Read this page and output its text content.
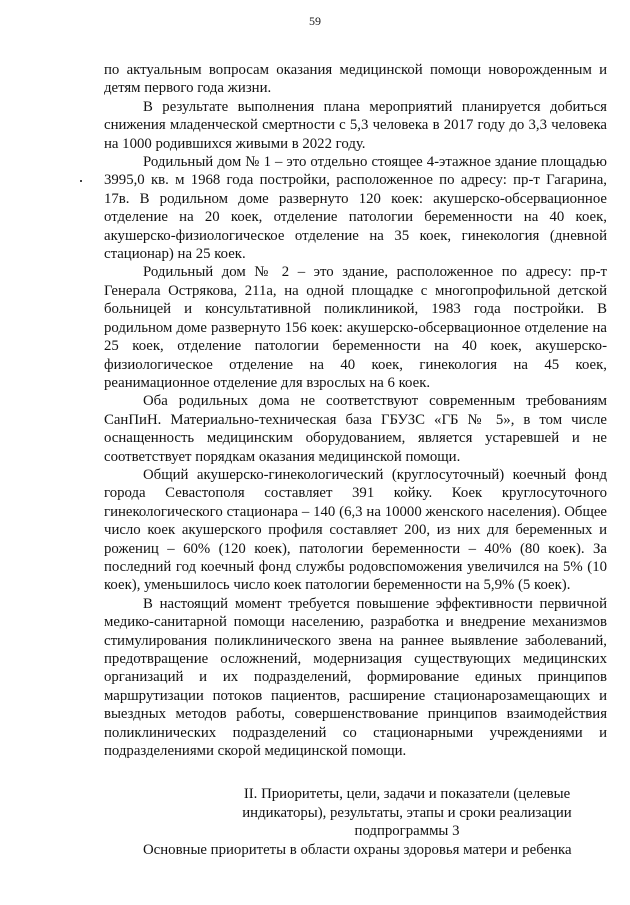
59

по актуальным вопросам оказания медицинской помощи новорожденным и детям первого года жизни.

В результате выполнения плана мероприятий планируется добиться снижения младенческой смертности с 5,3 человека в 2017 году до 3,3 человека на 1000 родившихся живыми в 2022 году.

Родильный дом № 1 – это отдельно стоящее 4-этажное здание площадью 3995,0 кв. м 1968 года постройки, расположенное по адресу: пр-т Гагарина, 17в. В родильном доме развернуто 120 коек: акушерско-обсервационное отделение на 20 коек, отделение патологии беременности на 40 коек, акушерско-физиологическое отделение на 35 коек, гинекология (дневной стационар) на 25 коек.

Родильный дом № 2 – это здание, расположенное по адресу: пр-т Генерала Острякова, 211а, на одной площадке с многопрофильной детской больницей и консультативной поликлиникой, 1983 года постройки. В родильном доме развернуто 156 коек: акушерско-обсервационное отделение на 25 коек, отделение патологии беременности на 40 коек, акушерско-физиологическое отделение на 40 коек, гинекология на 45 коек, реанимационное отделение для взрослых на 6 коек.

Оба родильных дома не соответствуют современным требованиям СанПиН. Материально-техническая база ГБУЗС «ГБ № 5», в том числе оснащенность медицинским оборудованием, является устаревшей и не соответствует порядкам оказания медицинской помощи.

Общий акушерско-гинекологический (круглосуточный) коечный фонд города Севастополя составляет 391 койку. Коек круглосуточного гинекологического стационара – 140 (6,3 на 10000 женского населения). Общее число коек акушерского профиля составляет 200, из них для беременных и рожениц – 60% (120 коек), патологии беременности – 40% (80 коек). За последний год коечный фонд службы родовспоможения увеличился на 5% (10 коек), уменьшилось число коек патологии беременности на 5,9% (5 коек).

В настоящий момент требуется повышение эффективности первичной медико-санитарной помощи населению, разработка и внедрение механизмов стимулирования поликлинического звена на раннее выявление заболеваний, предотвращение осложнений, модернизация существующих медицинских организаций и их подразделений, формирование единых принципов маршрутизации потоков пациентов, расширение стационарозамещающих и выездных методов работы, совершенствование принципов взаимодействия поликлинических подразделений со стационарными учреждениями и подразделениями скорой медицинской помощи.

II. Приоритеты, цели, задачи и показатели (целевые
индикаторы), результаты, этапы и сроки реализации
подпрограммы 3

Основные приоритеты в области охраны здоровья матери и ребенка
